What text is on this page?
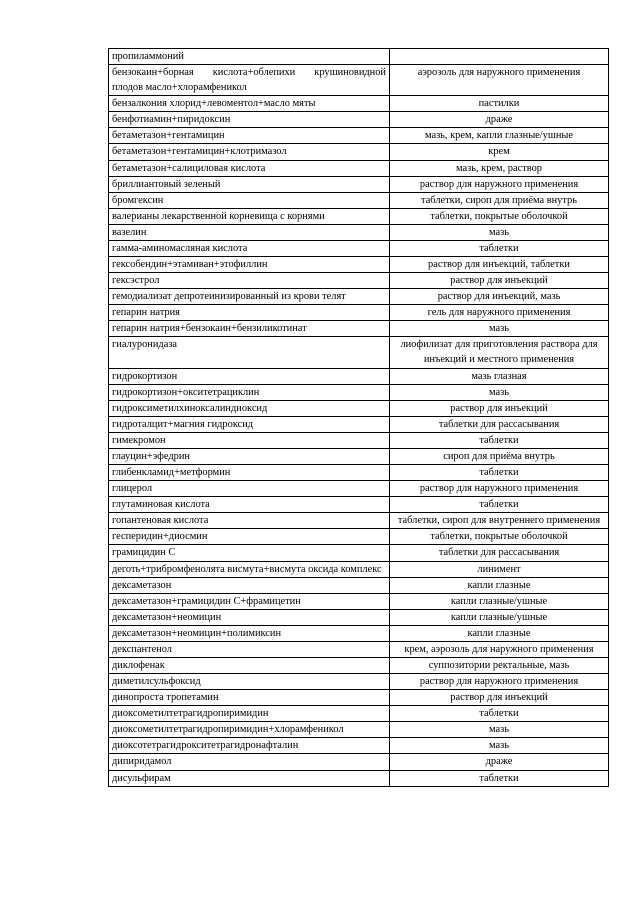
пропиламмоний	
бензокаин+борная кислота+облепихи крушиновидной плодов масло+хлорамфеникол	аэрозоль для наружного применения
бензалкония хлорид+левоментол+масло мяты	пастилки
бенфотиамин+пиридоксин	драже
бетаметазон+гентамицин	мазь, крем, капли глазные/ушные
бетаметазон+гентамицин+клотримазол	крем
бетаметазон+салициловая кислота	мазь, крем, раствор
бриллиантовый зеленый	раствор для наружного применения
бромгексин	таблетки, сироп для приёма внутрь
валерианы лекарственной корневища с корнями	таблетки, покрытые оболочкой
вазелин	мазь
гамма-аминомасляная кислота	таблетки
гексобендин+этамиван+этофиллин	раствор для инъекций, таблетки
гексэстрол	раствор для инъекций
гемодиализат депротеинизированный из крови телят	раствор для инъекций, мазь
гепарин натрия	гель для наружного применения
гепарин натрия+бензокаин+бензиликотинат	мазь
гиалуронидаза	лиофилизат для приготовления раствора для инъекций и местного применения
гидрокортизон	мазь глазная
гидрокортизон+окситетрациклин	мазь
гидроксиметилхиноксалиндиоксид	раствор для инъекций
гидроталцит+магния гидроксид	таблетки для рассасывания
гимекромон	таблетки
глауцин+эфедрин	сироп для приёма внутрь
глибенкламид+метформин	таблетки
глицерол	раствор для наружного применения
глутаминовая кислота	таблетки
гопантеновая кислота	таблетки, сироп для внутреннего применения
гесперидин+диосмин	таблетки, покрытые оболочкой
грамицидин С	таблетки для рассасывания
деготь+трибромфенолята висмута+висмута оксида комплекс	линимент
дексаметазон	капли глазные
дексаметазон+грамицидин С+фрамицетин	капли глазные/ушные
дексаметазон+неомицин	капли глазные/ушные
дексаметазон+неомицин+полимиксин	капли глазные
декспантенол	крем, аэрозоль для наружного применения
диклофенак	суппозитории ректальные, мазь
диметилсульфоксид	раствор для наружного применения
динопроста тропетамин	раствор для инъекций
диоксометилтетрагидропиримидин	таблетки
диоксометилтетрагидропиримидин+хлорамфеникол	мазь
диоксотетрагидрокситетрагидронафталин	мазь
дипиридамол	драже
дисульфирам	таблетки
